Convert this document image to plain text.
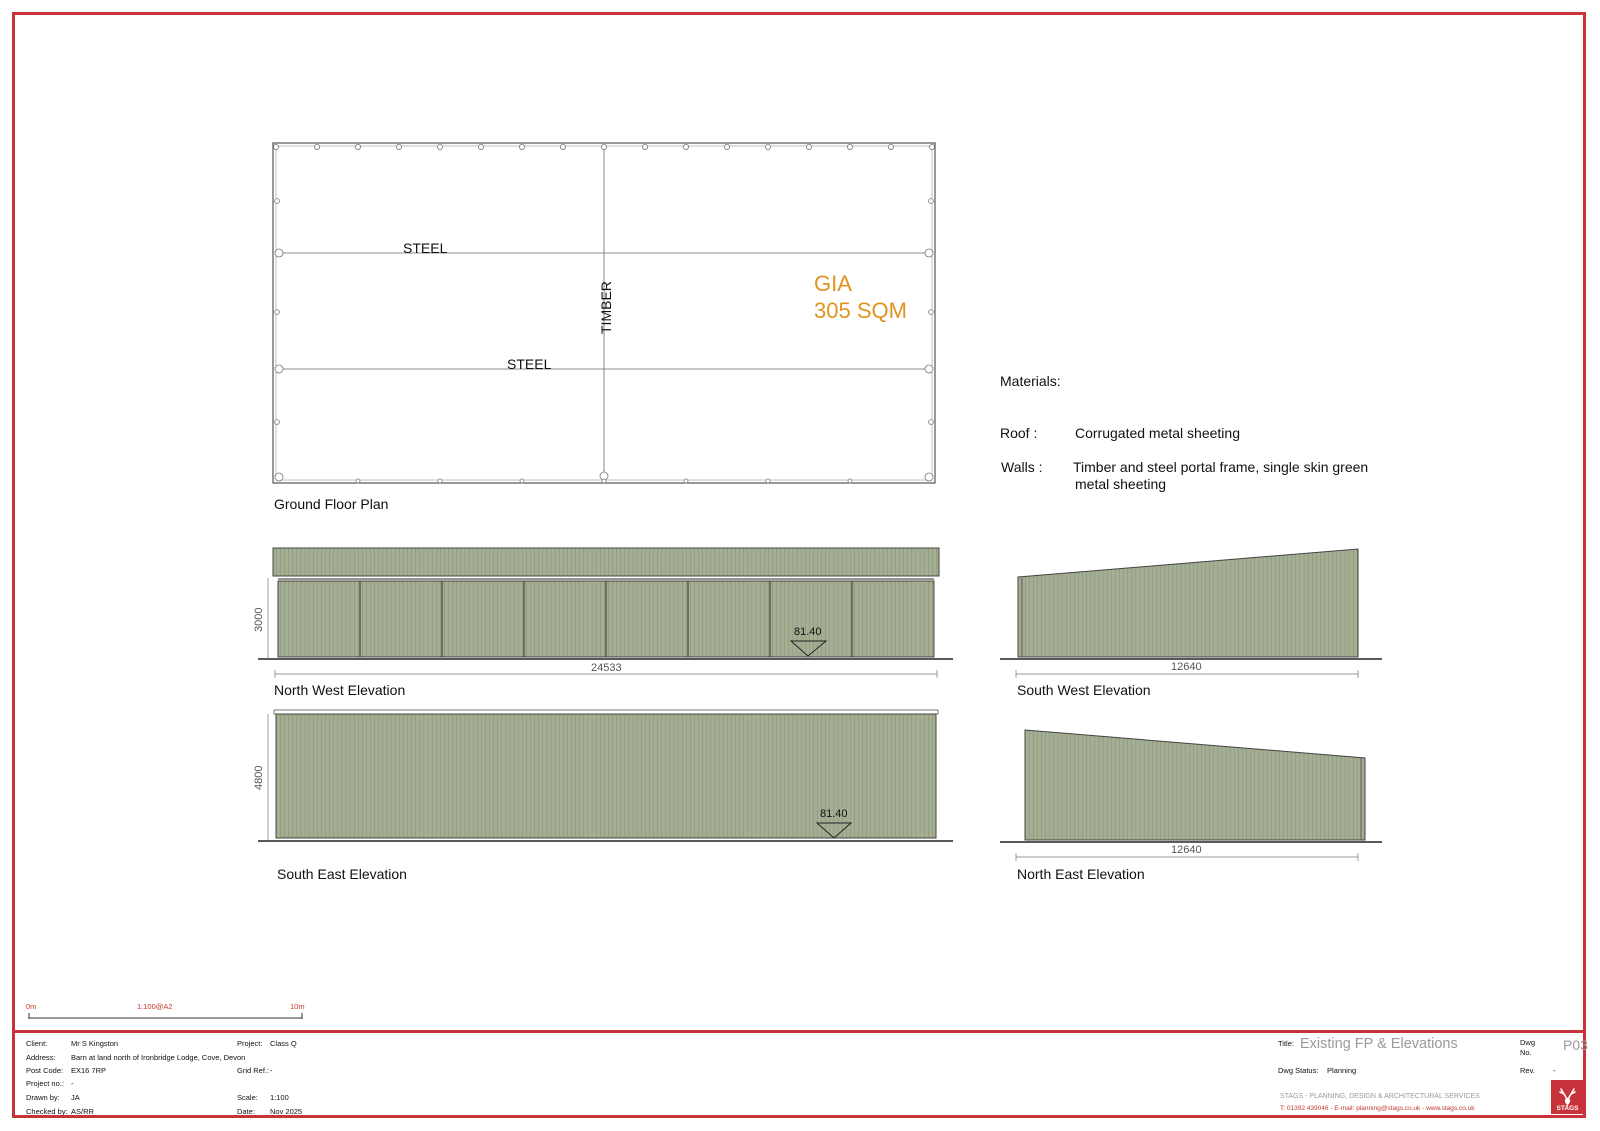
STEEL
STEEL
TIMBER	GIA
305 SQM
Ground Floor Plan
Materials:
Roof :	Corrugated metal sheeting
Walls : Timber and steel portal frame, single skin green
metal sheeting
3000
24533
81.40
North West Elevation
4800
81.40
South East Elevation
12640
South West Elevation
12640
North East Elevation
0m	1:100@A2	10m
Client:	Mr S Kingston
Address: Barn at land north of Ironbridge Lodge, Cove, Devon
Post Code: EX16 7RP
Project no.: -
Drawn by: JA
Checked by: AS/RR
Project: Class Q
Grid Ref.: -
Scale: 1:100
Date: Nov 2025
Title: Existing FP & Elevations	Dwg
No. P03
Dwg Status: Planning	Rev. -
STAGS - PLANNING, DESIGN & ARCHITECTURAL SERVICES
T: 01392 439046 - E-mail: planning@stags.co.uk - www.stags.co.uk	STAGS
